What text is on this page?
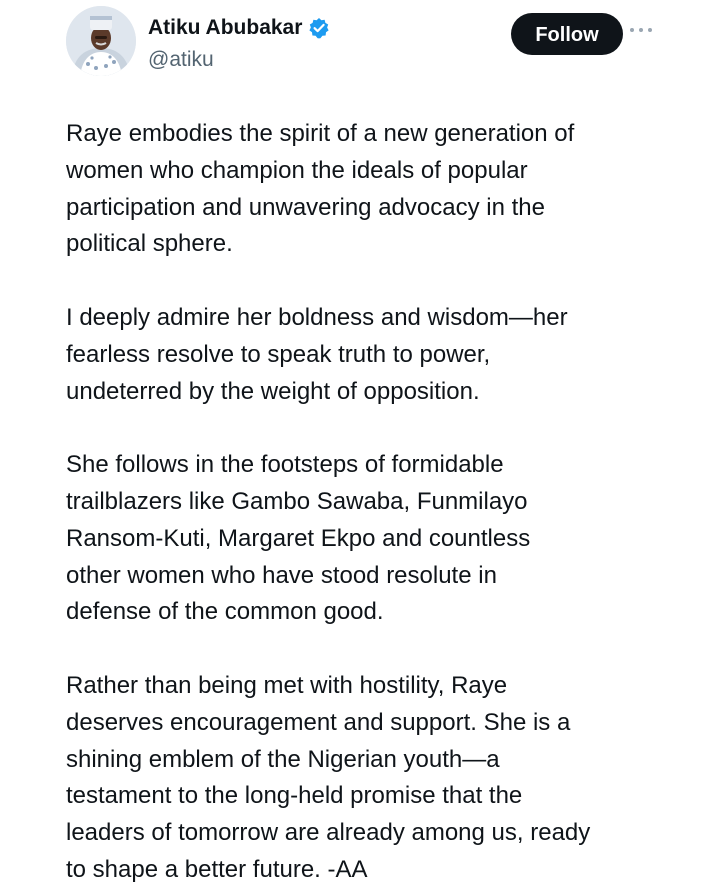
Atiku Abubakar
@atiku
Follow

Raye embodies the spirit of a new generation of
women who champion the ideals of popular
participation and unwavering advocacy in the
political sphere.

I deeply admire her boldness and wisdom—her
fearless resolve to speak truth to power,
undeterred by the weight of opposition.

She follows in the footsteps of formidable
trailblazers like Gambo Sawaba, Funmilayo
Ransom-Kuti, Margaret Ekpo and countless
other women who have stood resolute in
defense of the common good.

Rather than being met with hostility, Raye
deserves encouragement and support. She is a
shining emblem of the Nigerian youth—a
testament to the long-held promise that the
leaders of tomorrow are already among us, ready
to shape a better future. -AA
